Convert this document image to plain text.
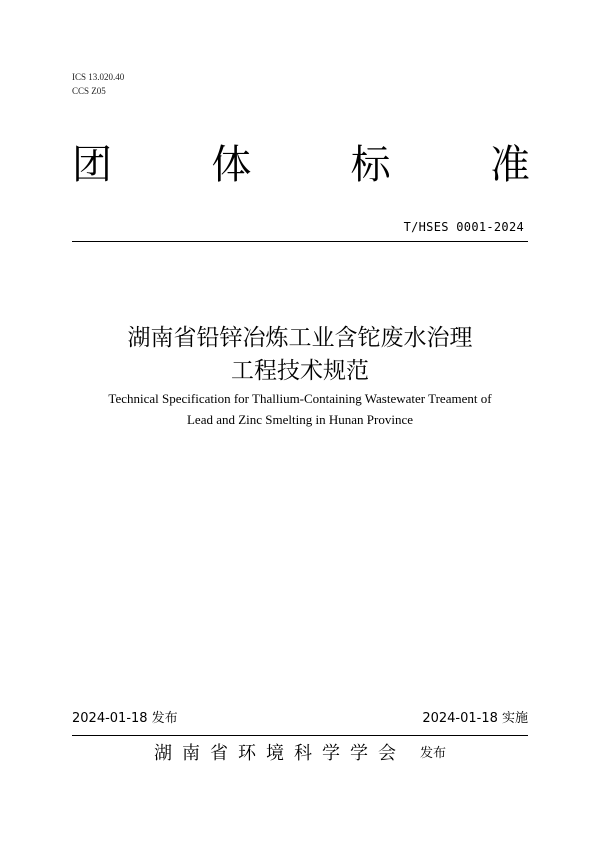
ICS 13.020.40
CCS Z05
团 体 标 准
T/HSES 0001-2024
湖南省铅锌冶炼工业含铊废水治理
工程技术规范
Technical Specification for Thallium-Containing Wastewater Treament of
Lead and Zinc Smelting in Hunan Province
2024-01-18 发布	2024-01-18 实施
湖南省环境科学学会 发布
